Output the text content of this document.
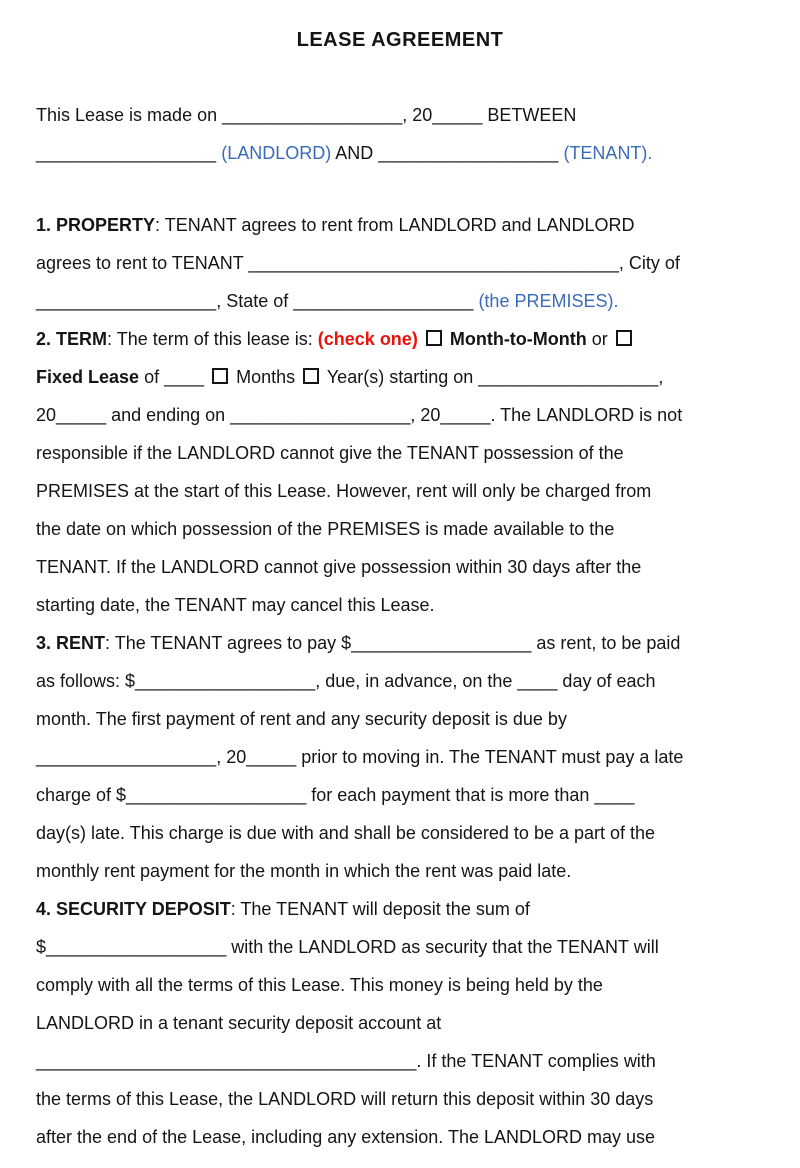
LEASE AGREEMENT
This Lease is made on __________________, 20_____ BETWEEN
__________________ (LANDLORD) AND __________________ (TENANT).
1. PROPERTY: TENANT agrees to rent from LANDLORD and LANDLORD
agrees to rent to TENANT _____________________________________, City of
__________________, State of __________________ (the PREMISES).
2. TERM: The term of this lease is: (check one) Month-to-Month or
Fixed Lease of ____  Months  Year(s) starting on __________________,
20_____ and ending on __________________, 20_____. The LANDLORD is not
responsible if the LANDLORD cannot give the TENANT possession of the
PREMISES at the start of this Lease. However, rent will only be charged from
the date on which possession of the PREMISES is made available to the
TENANT. If the LANDLORD cannot give possession within 30 days after the
starting date, the TENANT may cancel this Lease.
3. RENT: The TENANT agrees to pay $__________________ as rent, to be paid
as follows: $__________________, due, in advance, on the ____ day of each
month. The first payment of rent and any security deposit is due by
__________________, 20_____ prior to moving in. The TENANT must pay a late
charge of $__________________ for each payment that is more than ____
day(s) late. This charge is due with and shall be considered to be a part of the
monthly rent payment for the month in which the rent was paid late.
4. SECURITY DEPOSIT: The TENANT will deposit the sum of
$__________________ with the LANDLORD as security that the TENANT will
comply with all the terms of this Lease. This money is being held by the
LANDLORD in a tenant security deposit account at
______________________________________. If the TENANT complies with
the terms of this Lease, the LANDLORD will return this deposit within 30 days
after the end of the Lease, including any extension. The LANDLORD may use
